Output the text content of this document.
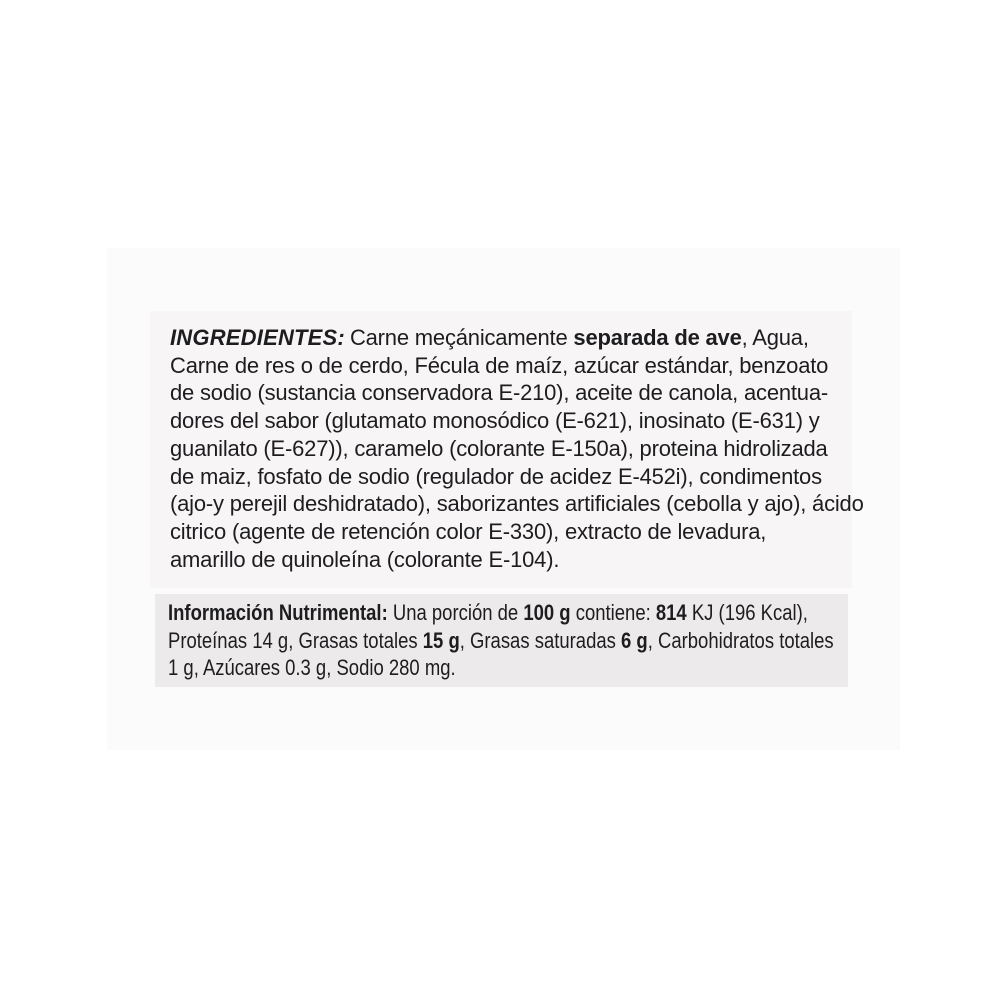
INGREDIENTES: Carne meçánicamente separada de ave, Agua,
Carne de res o de cerdo, Fécula de maíz, azúcar estándar, benzoato
de sodio (sustancia conservadora E-210), aceite de canola, acentua-
dores del sabor (glutamato monosódico (E-621), inosinato (E-631) y
guanilato (E-627)), caramelo (colorante E-150a), proteina hidrolizada
de maiz, fosfato de sodio (regulador de acidez E-452i), condimentos
(ajo-y perejil deshidratado), saborizantes artificiales (cebolla y ajo), ácido
citrico (agente de retención color E-330), extracto de levadura,
amarillo de quinoleína (colorante E-104).
Información Nutrimental: Una porción de 100 g contiene: 814 KJ (196 Kcal),
Proteínas 14 g, Grasas totales 15 g, Grasas saturadas 6 g, Carbohidratos totales
1 g, Azúcares 0.3 g, Sodio 280 mg.
